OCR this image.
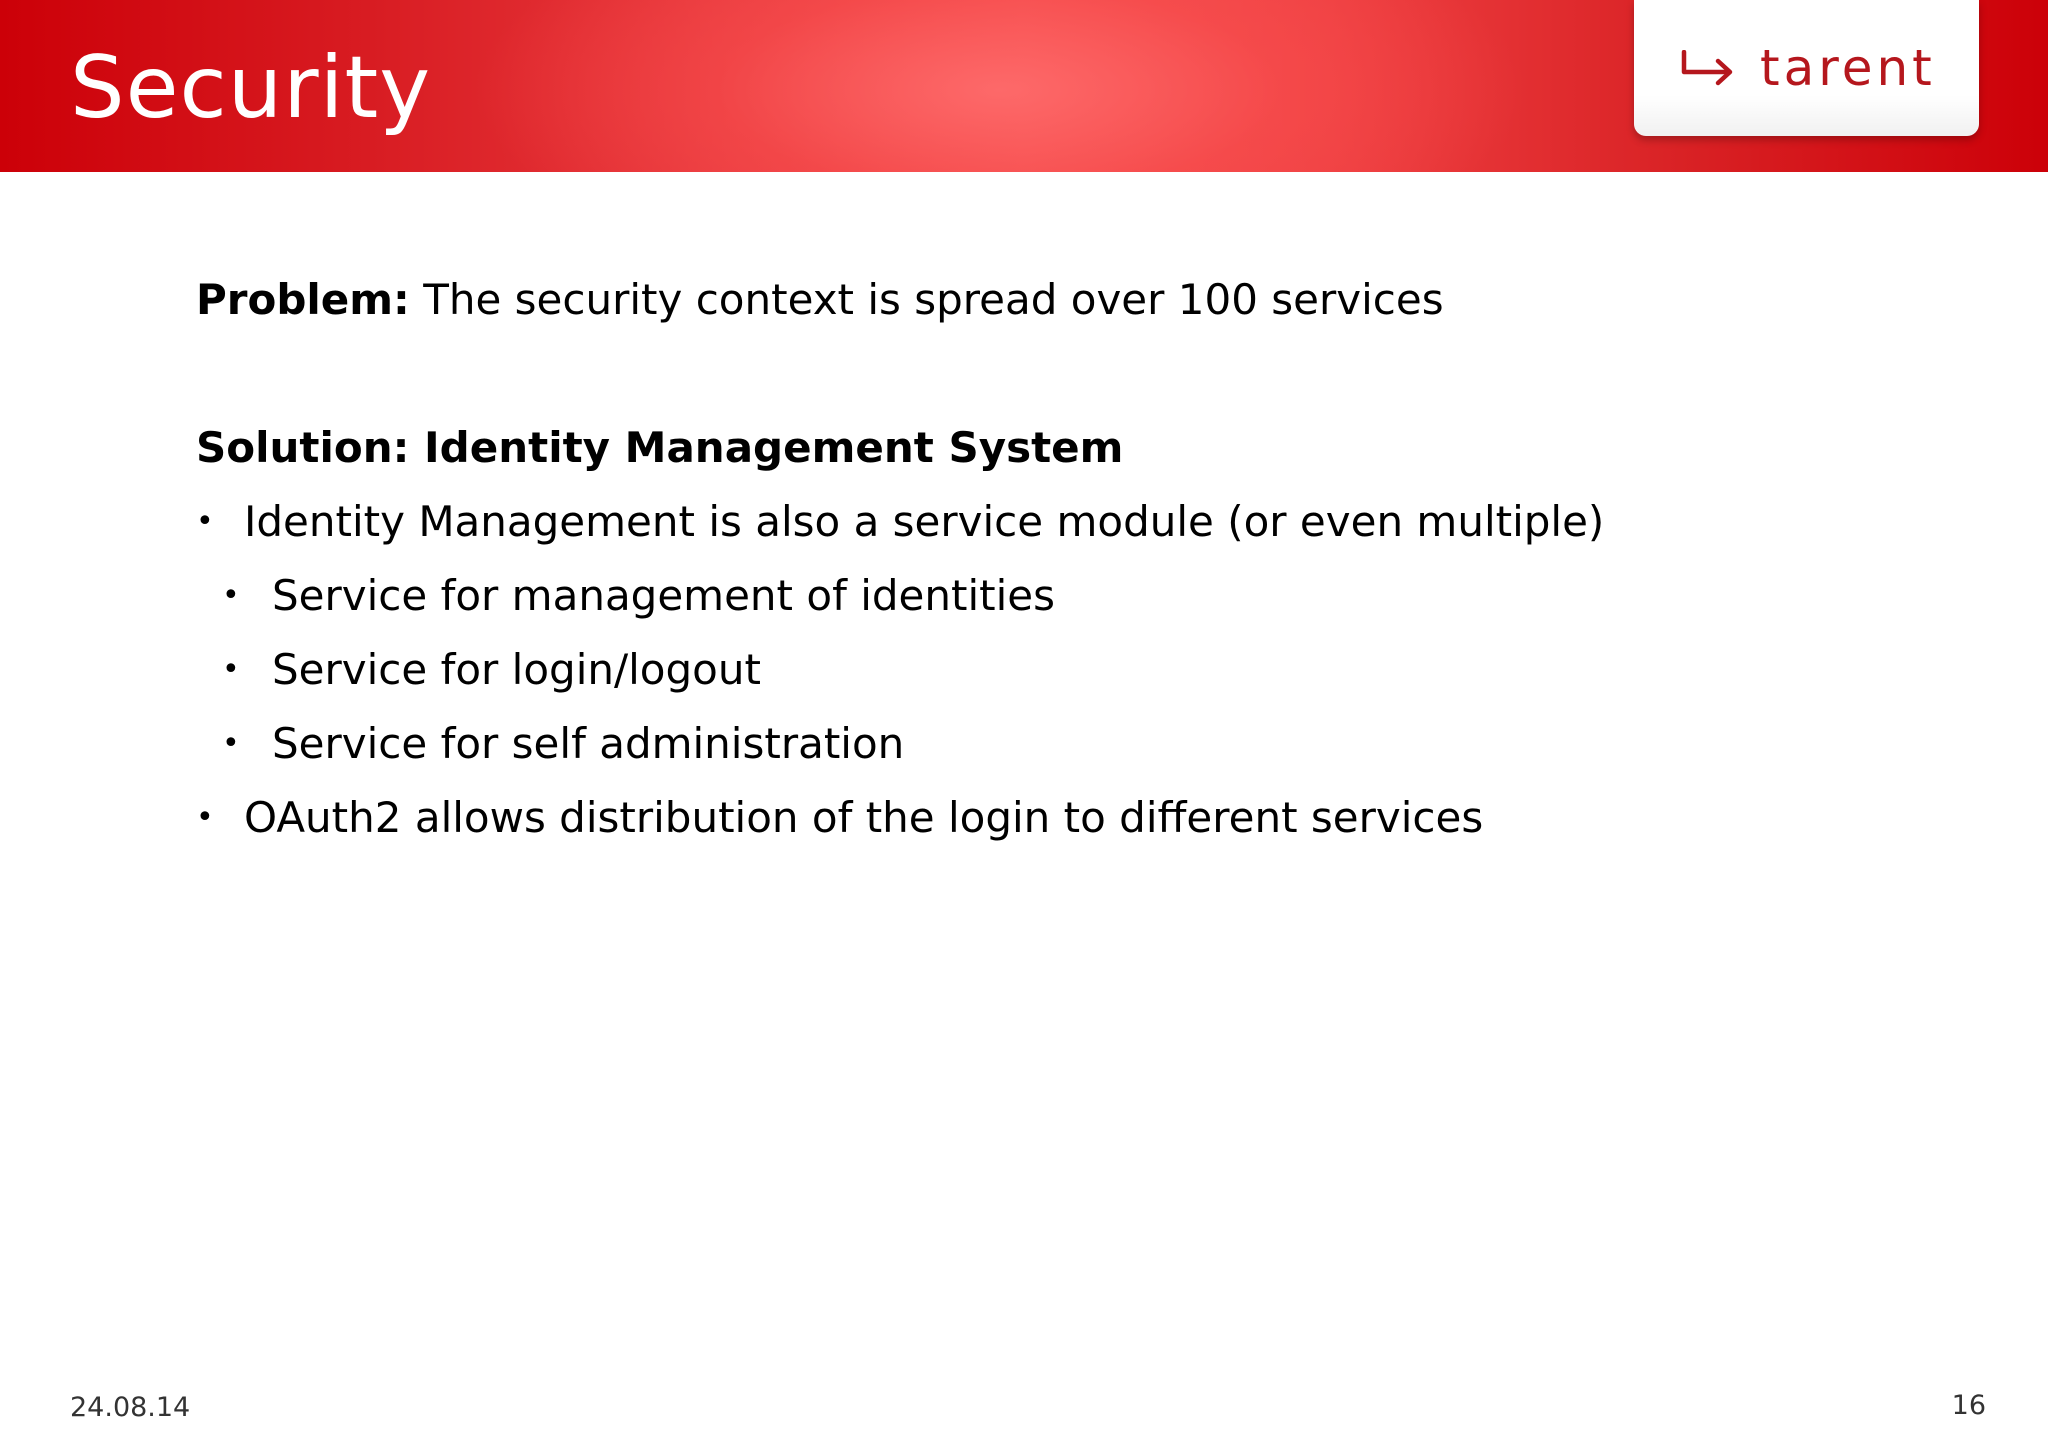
Security	tarent
Problem: The security context is spread over 100 services
Solution: Identity Management System
• Identity Management is also a service module (or even multiple)
• Service for management of identities
• Service for login/logout
• Service for self administration
• OAuth2 allows distribution of the login to different services
24.08.14	16
